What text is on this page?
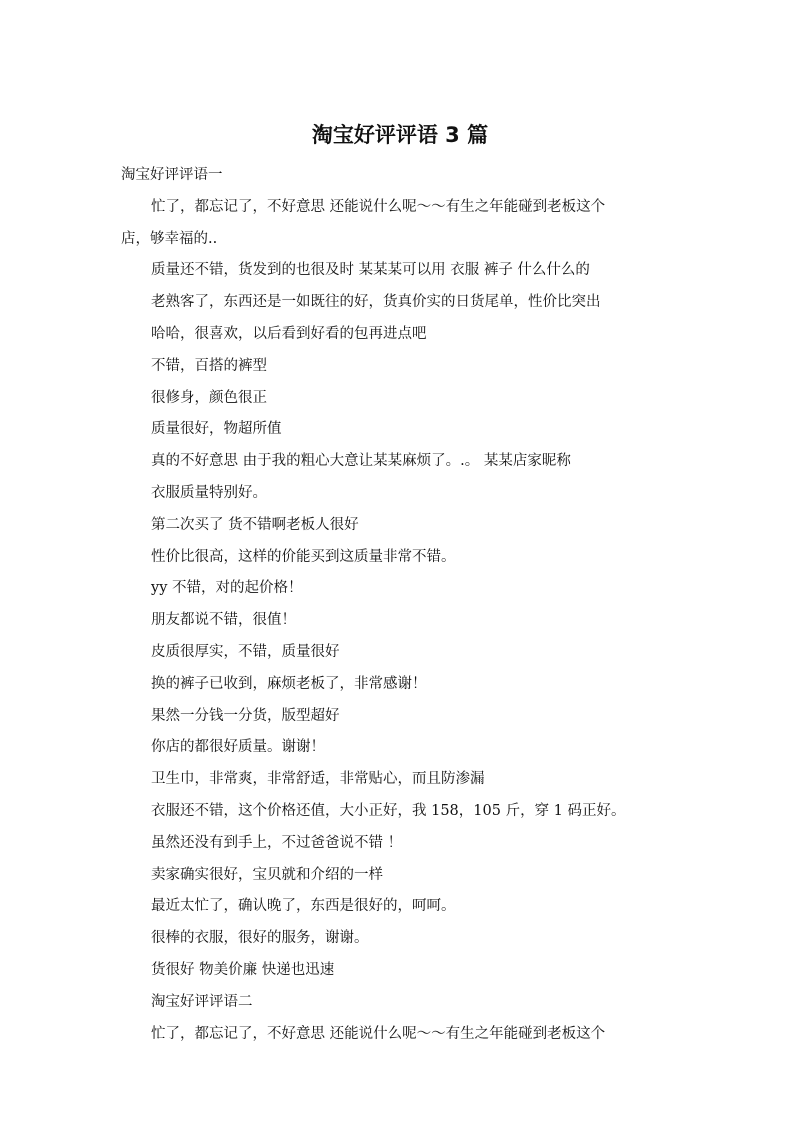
淘宝好评评语 3 篇
淘宝好评评语一
忙了，都忘记了，不好意思 还能说什么呢～～有生之年能碰到老板这个
店，够幸福的..
质量还不错，货发到的也很及时 某某某可以用 衣服 裤子 什么什么的
老熟客了，东西还是一如既往的好，货真价实的日货尾单，性价比突出
哈哈，很喜欢，以后看到好看的包再进点吧
不错，百搭的裤型
很修身，颜色很正
质量很好，物超所值
真的不好意思 由于我的粗心大意让某某麻烦了。.。 某某店家昵称
衣服质量特别好。
第二次买了 货不错啊老板人很好
性价比很高，这样的价能买到这质量非常不错。
yy 不错，对的起价格！
朋友都说不错，很值！
皮质很厚实，不错，质量很好
换的裤子已收到，麻烦老板了，非常感谢！
果然一分钱一分货，版型超好
你店的都很好质量。谢谢！
卫生巾，非常爽，非常舒适，非常贴心，而且防渗漏
衣服还不错，这个价格还值，大小正好，我 158，105 斤，穿 1 码正好。
虽然还没有到手上，不过爸爸说不错 ！
卖家确实很好，宝贝就和介绍的一样
最近太忙了，确认晚了，东西是很好的，呵呵。
很棒的衣服，很好的服务，谢谢。
货很好 物美价廉 快递也迅速
淘宝好评评语二
忙了，都忘记了，不好意思 还能说什么呢～～有生之年能碰到老板这个
